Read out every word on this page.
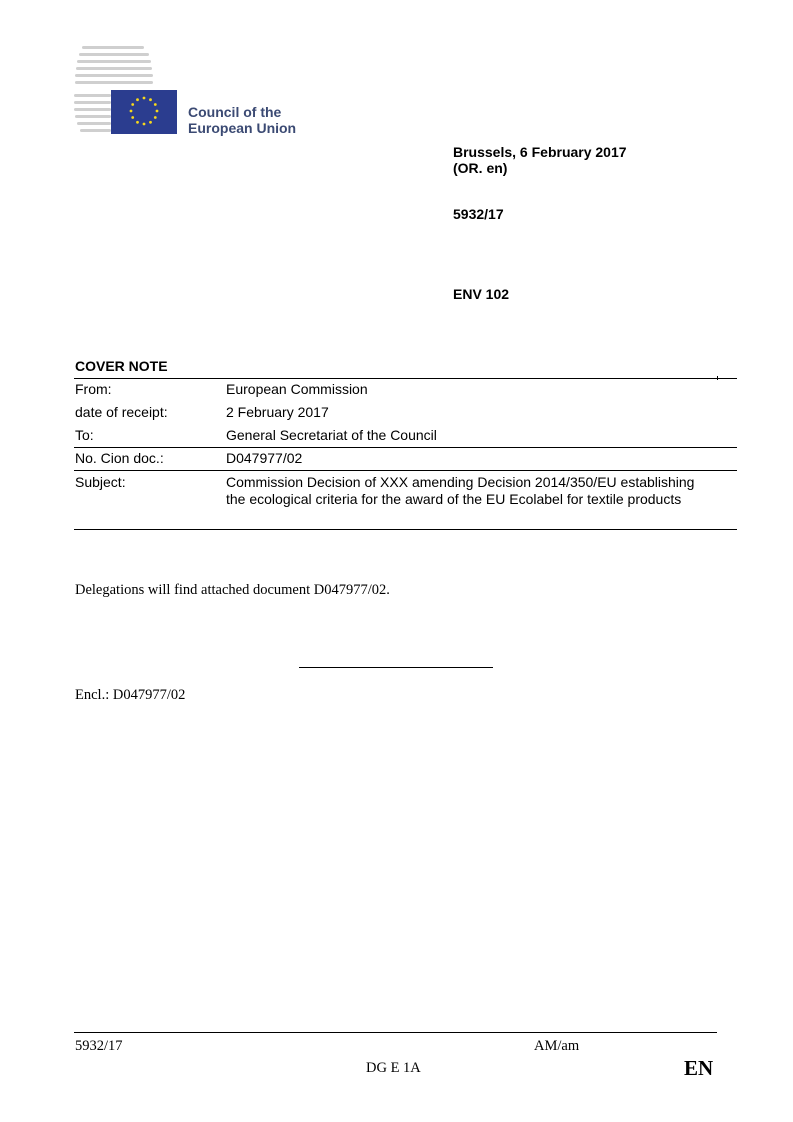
Council of the
European Union
Brussels, 6 February 2017
(OR. en)
5932/17
ENV 102
COVER NOTE
From:	European Commission
date of receipt:	2 February 2017
To:	General Secretariat of the Council
No. Cion doc.:	D047977/02
Subject:	Commission Decision of XXX amending Decision 2014/350/EU establishing the ecological criteria for the award of the EU Ecolabel for textile products
Delegations will find attached document D047977/02.
Encl.: D047977/02
5932/17	AM/am
DG E 1A	EN
